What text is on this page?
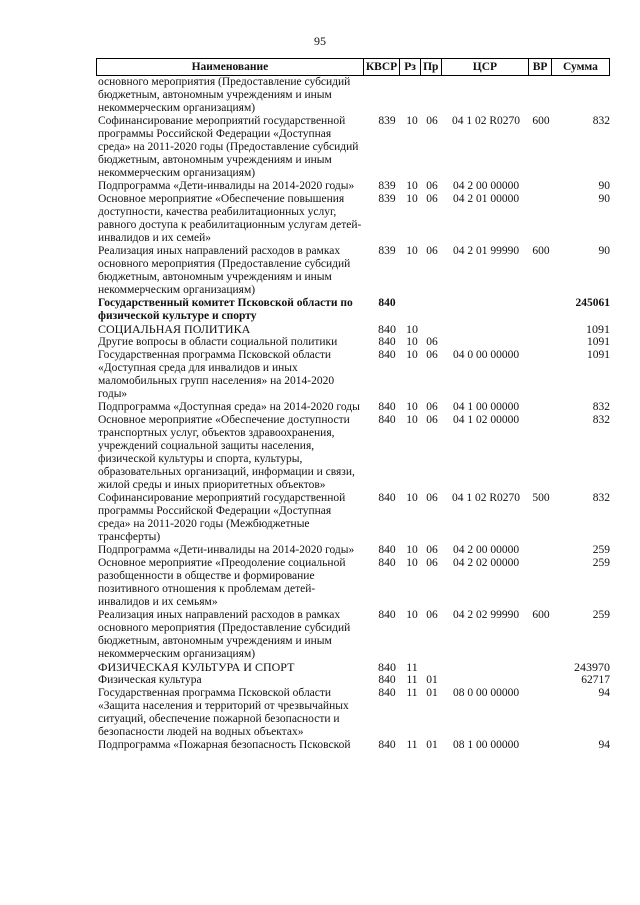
95
Наименование	КВСР Рз Пр	ЦСР	ВР	Сумма
основного мероприятия (Предоставление субсидий бюджетным, автономным учреждениям и иным некоммерческим организациям)
Софинансирование мероприятий государственной программы Российской Федерации «Доступная среда» на 2011-2020 годы (Предоставление субсидий бюджетным, автономным учреждениям и иным некоммерческим организациям)
839 10 06	04 1 02 R0270	600	832
Подпрограмма «Дети-инвалиды на 2014-2020 годы»	839 10 06	04 2 00 00000	90
Основное мероприятие «Обеспечение повышения доступности, качества реабилитационных услуг, равного доступа к реабилитационным услугам детей-инвалидов и их семей»
839 10 06	04 2 01 00000	90
Реализация иных направлений расходов в рамках основного мероприятия (Предоставление субсидий бюджетным, автономным учреждениям и иным некоммерческим организациям)
839 10 06	04 2 01 99990	600	90
Государственный комитет Псковской области по физической культуре и спорту
840	245061
СОЦИАЛЬНАЯ ПОЛИТИКА	840 10	1091
Другие вопросы в области социальной политики	840 10 06	1091
Государственная программа Псковской области «Доступная среда для инвалидов и иных маломобильных групп населения» на 2014-2020 годы»
840 10 06	04 0 00 00000	1091
Подпрограмма «Доступная среда» на 2014-2020 годы	840 10 06	04 1 00 00000	832
Основное мероприятие «Обеспечение доступности транспортных услуг, объектов здравоохранения, учреждений социальной защиты населения, физической культуры и спорта, культуры, образовательных организаций, информации и связи, жилой среды и иных приоритетных объектов»
840 10 06	04 1 02 00000	832
Софинансирование мероприятий государственной программы Российской Федерации «Доступная среда» на 2011-2020 годы (Межбюджетные трансферты)
840 10 06	04 1 02 R0270	500	832
Подпрограмма «Дети-инвалиды на 2014-2020 годы»	840 10 06	04 2 00 00000	259
Основное мероприятие «Преодоление социальной разобщенности в обществе и формирование позитивного отношения к проблемам детей-инвалидов и их семьям»
840 10 06	04 2 02 00000	259
Реализация иных направлений расходов в рамках основного мероприятия (Предоставление субсидий бюджетным, автономным учреждениям и иным некоммерческим организациям)
840 10 06	04 2 02 99990	600	259
ФИЗИЧЕСКАЯ КУЛЬТУРА И СПОРТ	840 11	243970
Физическая культура	840 11 01	62717
Государственная программа Псковской области «Защита населения и территорий от чрезвычайных ситуаций, обеспечение пожарной безопасности и безопасности людей на водных объектах»
840 11 01	08 0 00 00000	94
Подпрограмма «Пожарная безопасность Псковской	840 11 01	08 1 00 00000	94
